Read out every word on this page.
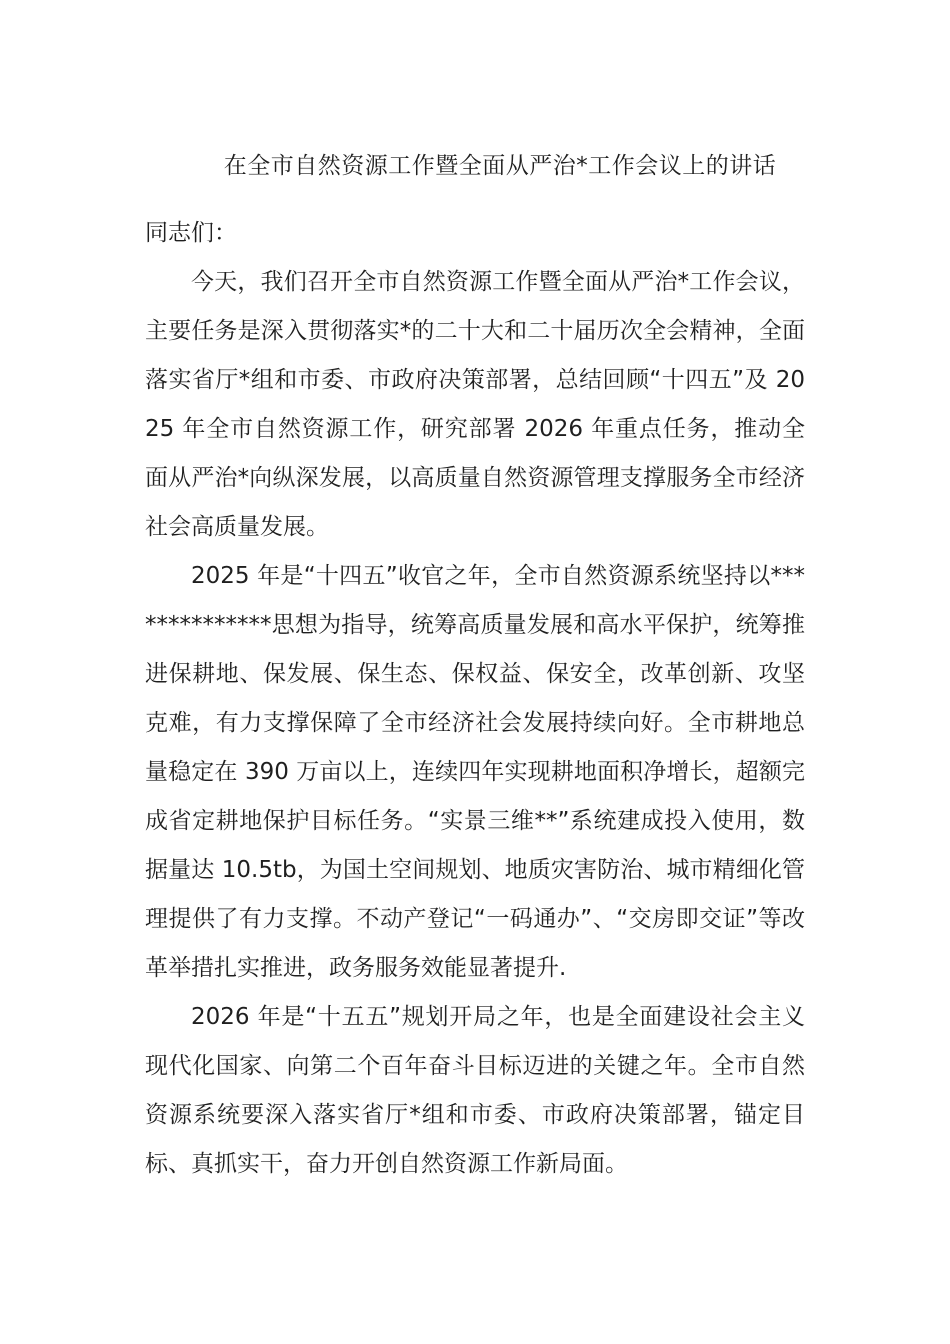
在全市自然资源工作暨全面从严治*工作会议上的讲话

同志们：

今天，我们召开全市自然资源工作暨全面从严治*工作会议，主要任务是深入贯彻落实*的二十大和二十届历次全会精神，全面落实省厅*组和市委、市政府决策部署，总结回顾“十四五”及 2025 年全市自然资源工作，研究部署 2026 年重点任务，推动全面从严治*向纵深发展，以高质量自然资源管理支撑服务全市经济社会高质量发展。

2025 年是“十四五”收官之年，全市自然资源系统坚持以**************思想为指导，统筹高质量发展和高水平保护，统筹推进保耕地、保发展、保生态、保权益、保安全，改革创新、攻坚克难，有力支撑保障了全市经济社会发展持续向好。全市耕地总量稳定在 390 万亩以上，连续四年实现耕地面积净增长，超额完成省定耕地保护目标任务。“实景三维**”系统建成投入使用，数据量达 10.5tb，为国土空间规划、地质灾害防治、城市精细化管理提供了有力支撑。不动产登记“一码通办”、“交房即交证”等改革举措扎实推进，政务服务效能显著提升.

2026 年是“十五五”规划开局之年，也是全面建设社会主义现代化国家、向第二个百年奋斗目标迈进的关键之年。全市自然资源系统要深入落实省厅*组和市委、市政府决策部署，锚定目标、真抓实干，奋力开创自然资源工作新局面。
